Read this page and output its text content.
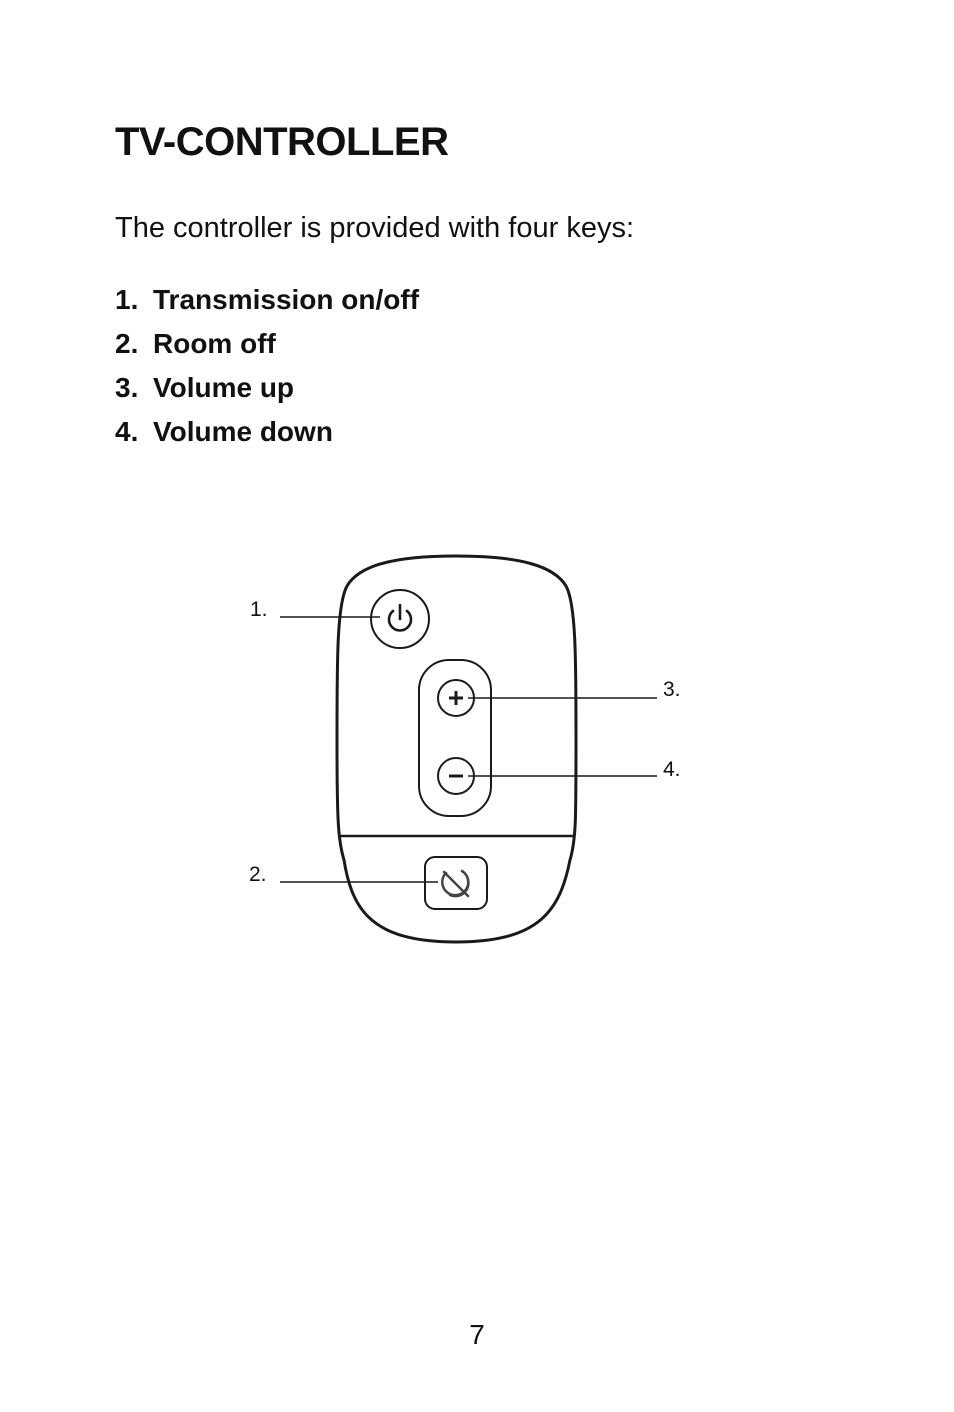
TV-CONTROLLER

The controller is provided with four keys:

1. Transmission on/off
2. Room off
3. Volume up
4. Volume down
1.
2.
3.
4.
7
